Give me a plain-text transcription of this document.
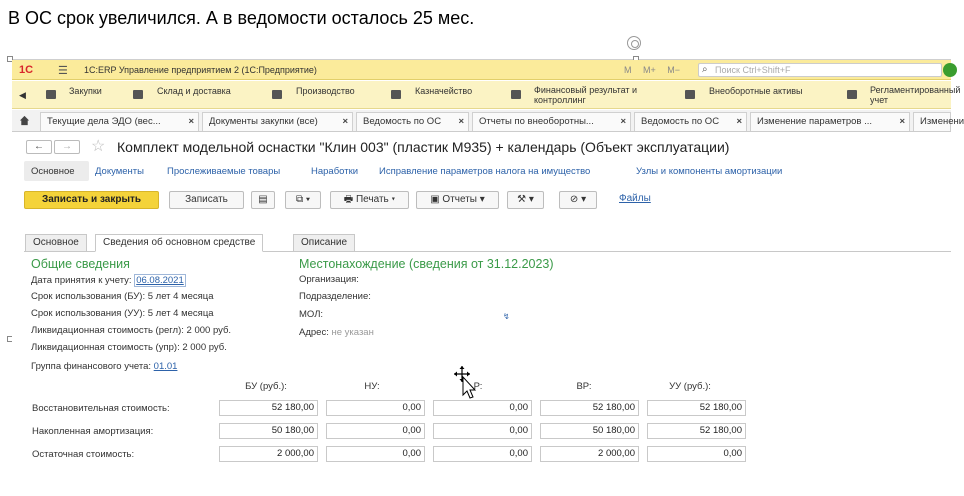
В ОС срок увеличился. А в ведомости осталось 25 мес.
1С ☰ 1С:ERP Управление предприятием 2 (1С:Предприятие)	M M+ M−	⌕ Поиск Ctrl+Shift+F
◀	Закупки	Склад и доставка	Производство	Казначейство	Финансовый результат и контроллинг
Внеоборотные активы	Регламентированный учет
Текущие дела ЭДО (вес...	×	Документы закупки (все)	×	Ведомость по ОС ×	Отчеты по внеоборотны...	×	Ведомость по ОС ×	Изменение параметров ...	×	Изменени
←	→	☆ Комплект модельной оснастки "Клин 003" (пластик М935) + календарь (Объект эксплуатации)
Основное Документы Прослеживаемые товары	Наработки Исправление параметров налога на имущество	Узлы и компоненты амортизации
Записать и закрыть	Записать	▤	⧉ ▾	🖶 Печать ▾	▣ Отчеты ▾	⚒ ▾	⊘ ▾	Файлы
Основное	Сведения об основном средстве	Описание
Общие сведения
Дата принятия к учету: 06.08.2021
Срок использования (БУ): 5 лет 4 месяца
Срок использования (УУ): 5 лет 4 месяца
Ликвидационная стоимость (регл): 2 000 руб.
Ликвидационная стоимость (упр): 2 000 руб.
Группа финансового учета: 01.01
Местонахождение (сведения от 31.12.2023)
Организация:
Подразделение:
МОЛ:	↯
Адрес: не указан
БУ (руб.):	НУ:	Р:	ВР:	УУ (руб.):
Восстановительная стоимость:	52 180,00	0,00	0,00	52 180,00	52 180,00
Накопленная амортизация:	50 180,00	0,00	0,00	50 180,00	52 180,00
Остаточная стоимость:	2 000,00	0,00	0,00	2 000,00	0,00
